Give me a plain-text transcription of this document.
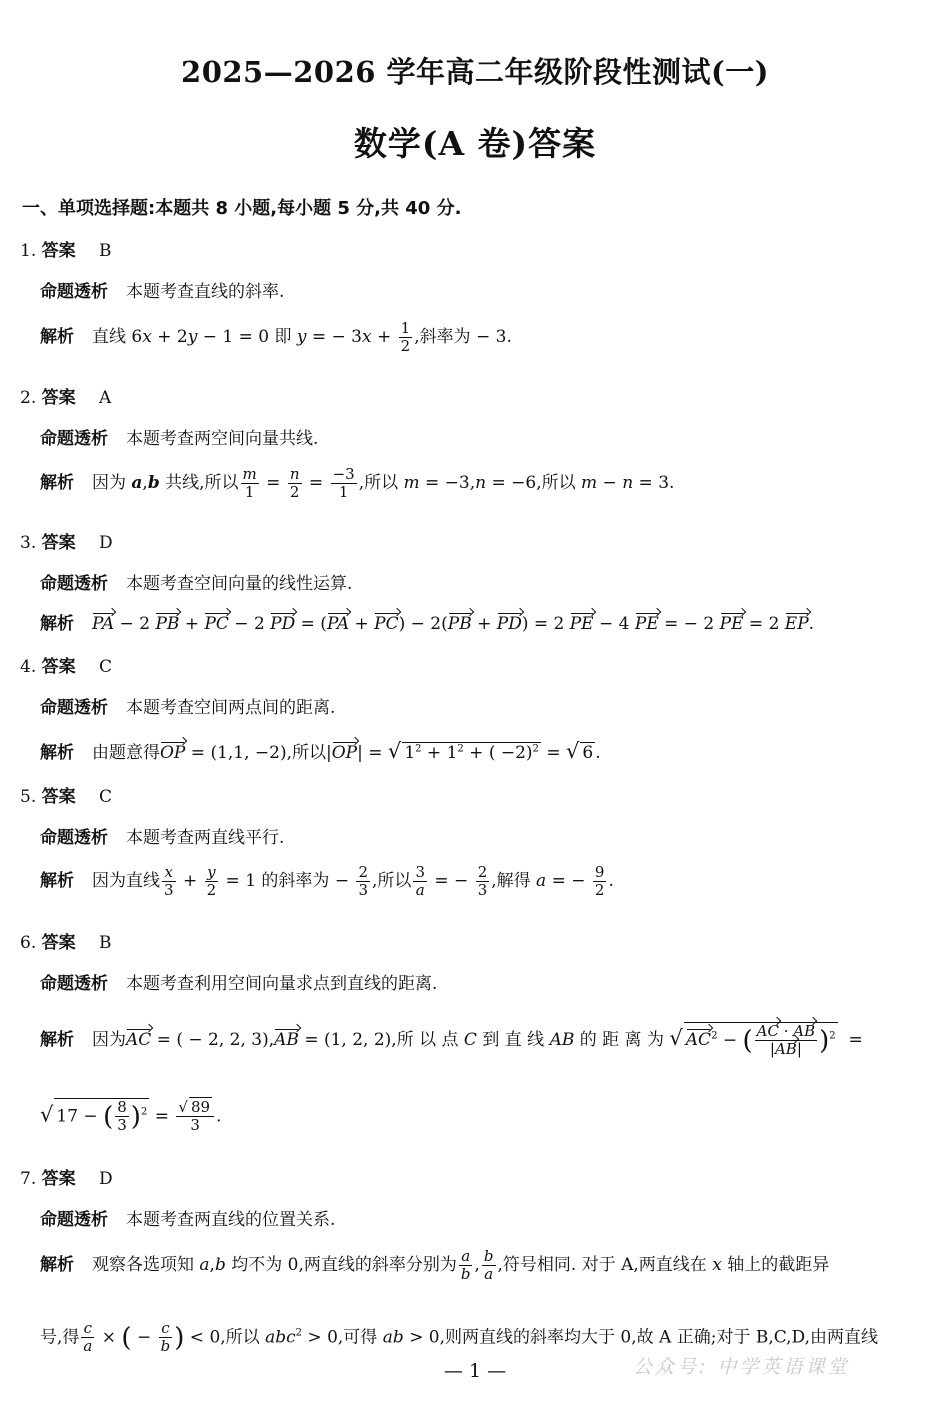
2025—2026 学年高二年级阶段性测试(一)
数学(A 卷)答案
一、单项选择题:本题共 8 小题,每小题 5 分,共 40 分.
1. 答案 B
命题透析 本题考查直线的斜率.
解析 直线 6x + 2y − 1 = 0 即 y = − $3x + \frac{1}{2}$ ,斜率为 − 3.
2. 答案 A
命题透析 本题考查两空间向量共线.
解析 因为 a,b 共线,所以 $\frac{m}{1} = \frac{n}{2} = \frac{-3}{1}$ ,所以 m = −3,n = −6,所以 m − n = 3.
3. 答案 D
命题透析 本题考查空间向量的线性运算.
解析 PA − 2 PB + PC − 2 PD = (PA + PC) − 2(PB + PD) = 2 PE − 4 PE = − 2 PE = 2 EP.
4. 答案 C
命题透析 本题考查空间两点间的距离.
解析 由题意得OP = (1,1, −2),所以|OP| = √ $1^2 + 1^2$ + ( −2)$^2$ = √ 6 .
5. 答案 C
命题透析 本题考查两直线平行.
解析 因为直线 $\frac{x}{3} + \frac{y}{2} = 1$ 的斜率为 − $\frac{2}{3}$ ,所以 $\frac{3}{a}$ = − $\frac{2}{3}$ ,解得 a = − $\frac{9}{2}$ .
6. 答案 B
命题透析 本题考查利用空间向量求点到直线的距离.
解析 因为AC = ( − 2, 2, 3),AB = (1, 2, 2),所 以 点 C 到 直 线 AB 的 距 离 为 √ $AC^2$ − ( $\frac{AC \cdot AB}{|AB|} )^2$  =
√ 17 − ( $\frac{8}{3} )^2 = \frac{√ 89}{3}$ .
7. 答案 D
命题透析 本题考查两直线的位置关系.
解析 观察各选项知 a,b 均不为 0,两直线的斜率分别为 $\frac{a}{b}$ , $\frac{b}{a}$ ,符号相同. 对于 A,两直线在 x 轴上的截距异
号,得 $\frac{c}{a}$ × ( − $\frac{c}{b}$ ) < 0,所以 abc$^2$ > 0,可得 ab > 0,则两直线的斜率均大于 0,故 A 正确;对于 B,C,D,由两直线
— 1 —	公众号: 中学英语课堂
